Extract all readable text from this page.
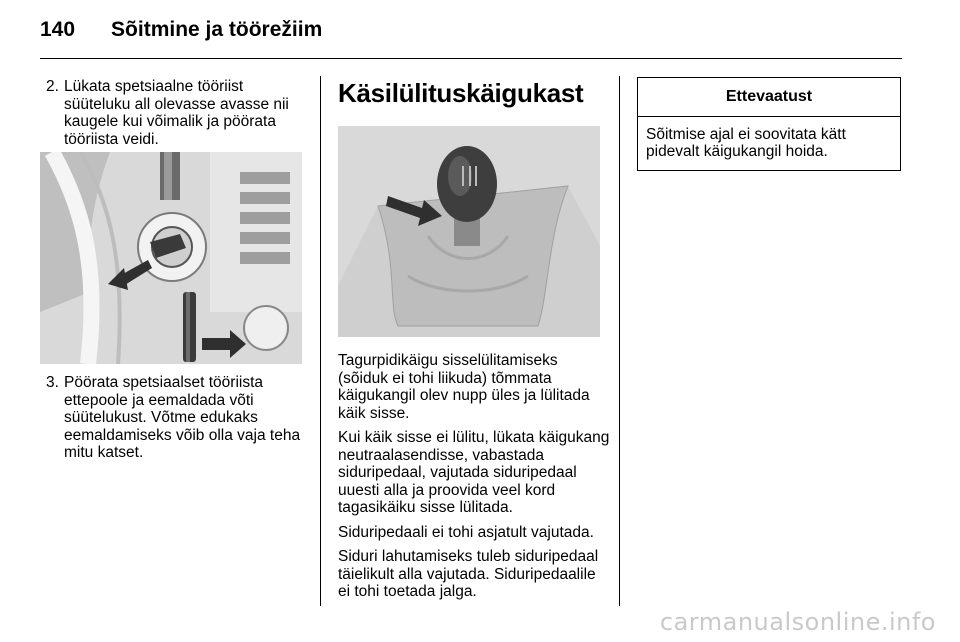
140 Sõitmine ja töörežiim
2. Lükata spetsiaalne tööriist süüteluku all olevasse avasse nii kaugele kui võimalik ja pöörata tööriista veidi.
3. Pöörata spetsiaalset tööriista ettepoole ja eemaldada võti süütelukust. Võtme edukaks eemaldamiseks võib olla vaja teha mitu katset.
Käsilülituskäigukast

Tagurpidikäigu sisselülitamiseks (sõiduk ei tohi liikuda) tõmmata käigukangil olev nupp üles ja lülitada käik sisse.

Kui käik sisse ei lülitu, lükata käigukang neutraalasendisse, vabastada siduripedaal, vajutada siduripedaal uuesti alla ja proovida veel kord tagasikäiku sisse lülitada.

Siduripedaali ei tohi asjatult vajutada.

Siduri lahutamiseks tuleb siduripedaal täielikult alla vajutada. Siduripedaalile ei tohi toetada jalga.

Ettevaatust
Sõitmise ajal ei soovitata kätt pidevalt käigukangil hoida.
carmanualsonline.info
